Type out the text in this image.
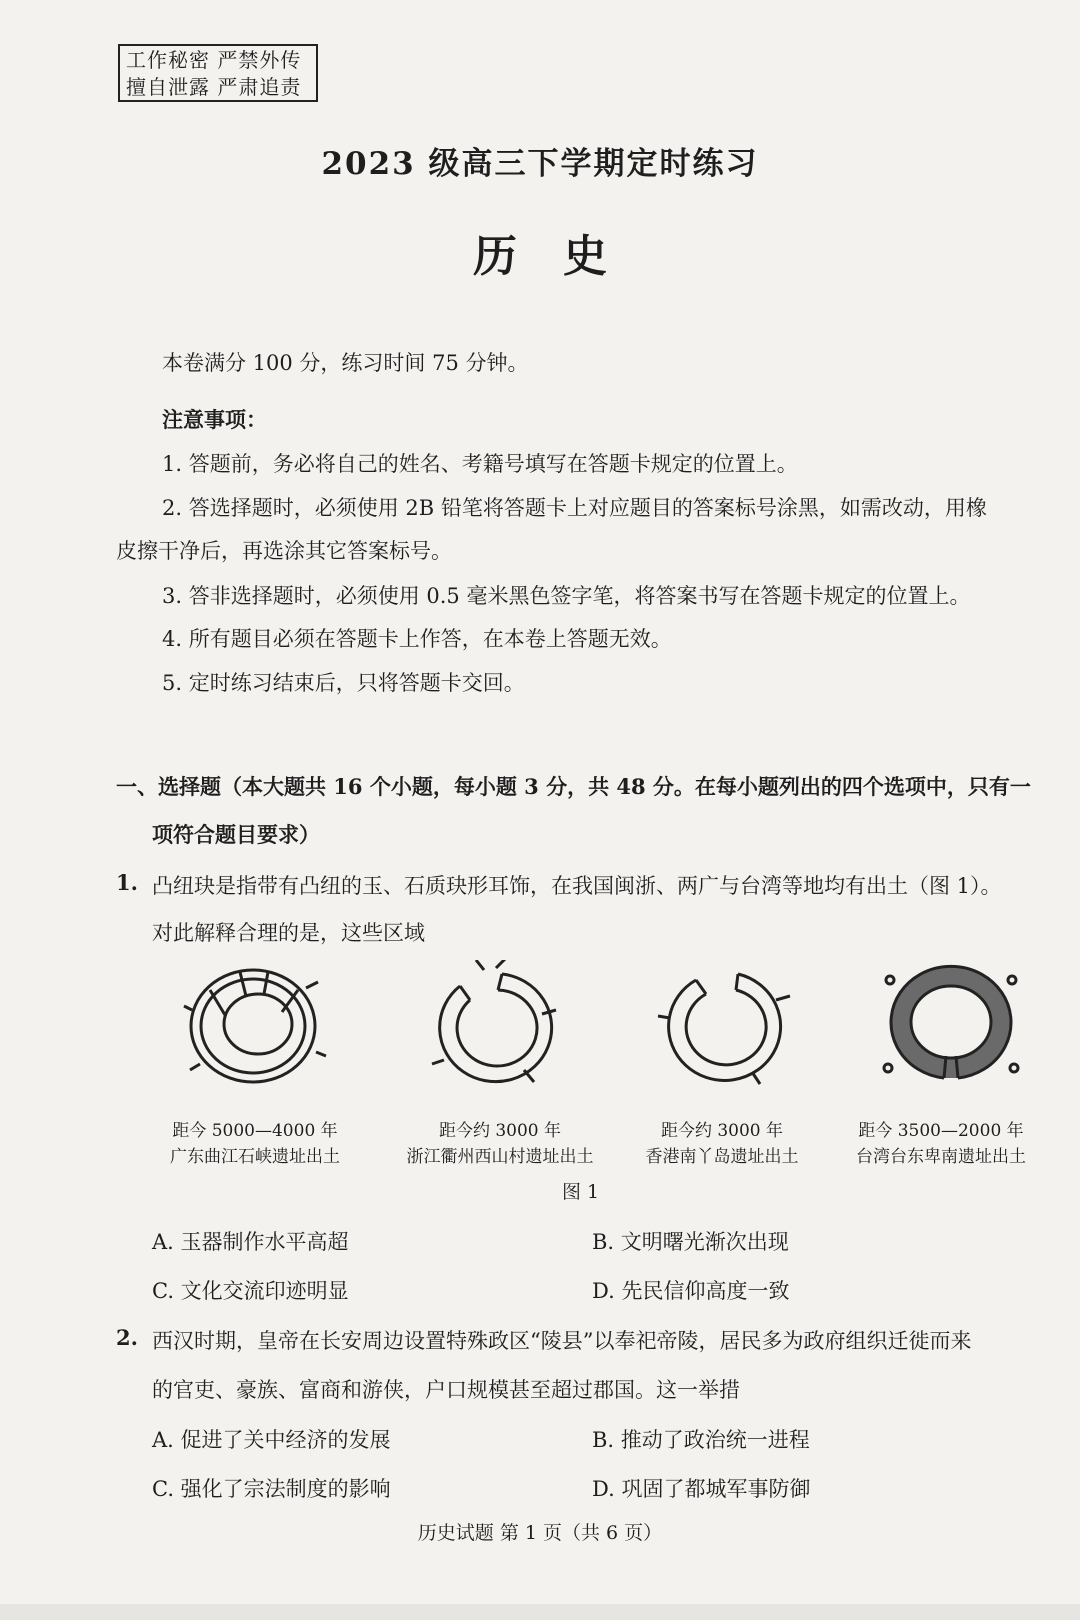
工作秘密 严禁外传
擅自泄露 严肃追责
2023 级高三下学期定时练习
历史
本卷满分 100 分，练习时间 75 分钟。
注意事项：
1. 答题前，务必将自己的姓名、考籍号填写在答题卡规定的位置上。
2. 答选择题时，必须使用 2B 铅笔将答题卡上对应题目的答案标号涂黑，如需改动，用橡
皮擦干净后，再选涂其它答案标号。
3. 答非选择题时，必须使用 0.5 毫米黑色签字笔，将答案书写在答题卡规定的位置上。
4. 所有题目必须在答题卡上作答，在本卷上答题无效。
5. 定时练习结束后，只将答题卡交回。
一、选择题（本大题共 16 个小题，每小题 3 分，共 48 分。在每小题列出的四个选项中，只有一
项符合题目要求）
1. 凸纽玦是指带有凸纽的玉、石质玦形耳饰，在我国闽浙、两广与台湾等地均有出土（图 1）。
对此解释合理的是，这些区域
距今 5000—4000 年
广东曲江石峡遗址出土
距今约 3000 年
浙江衢州西山村遗址出土
距今约 3000 年
香港南丫岛遗址出土
距今 3500—2000 年
台湾台东卑南遗址出土
图 1
A. 玉器制作水平高超	B. 文明曙光渐次出现
C. 文化交流印迹明显	D. 先民信仰高度一致
2. 西汉时期，皇帝在长安周边设置特殊政区“陵县”以奉祀帝陵，居民多为政府组织迁徙而来
的官吏、豪族、富商和游侠，户口规模甚至超过郡国。这一举措
A. 促进了关中经济的发展	B. 推动了政治统一进程
C. 强化了宗法制度的影响	D. 巩固了都城军事防御
历史试题 第 1 页（共 6 页）
